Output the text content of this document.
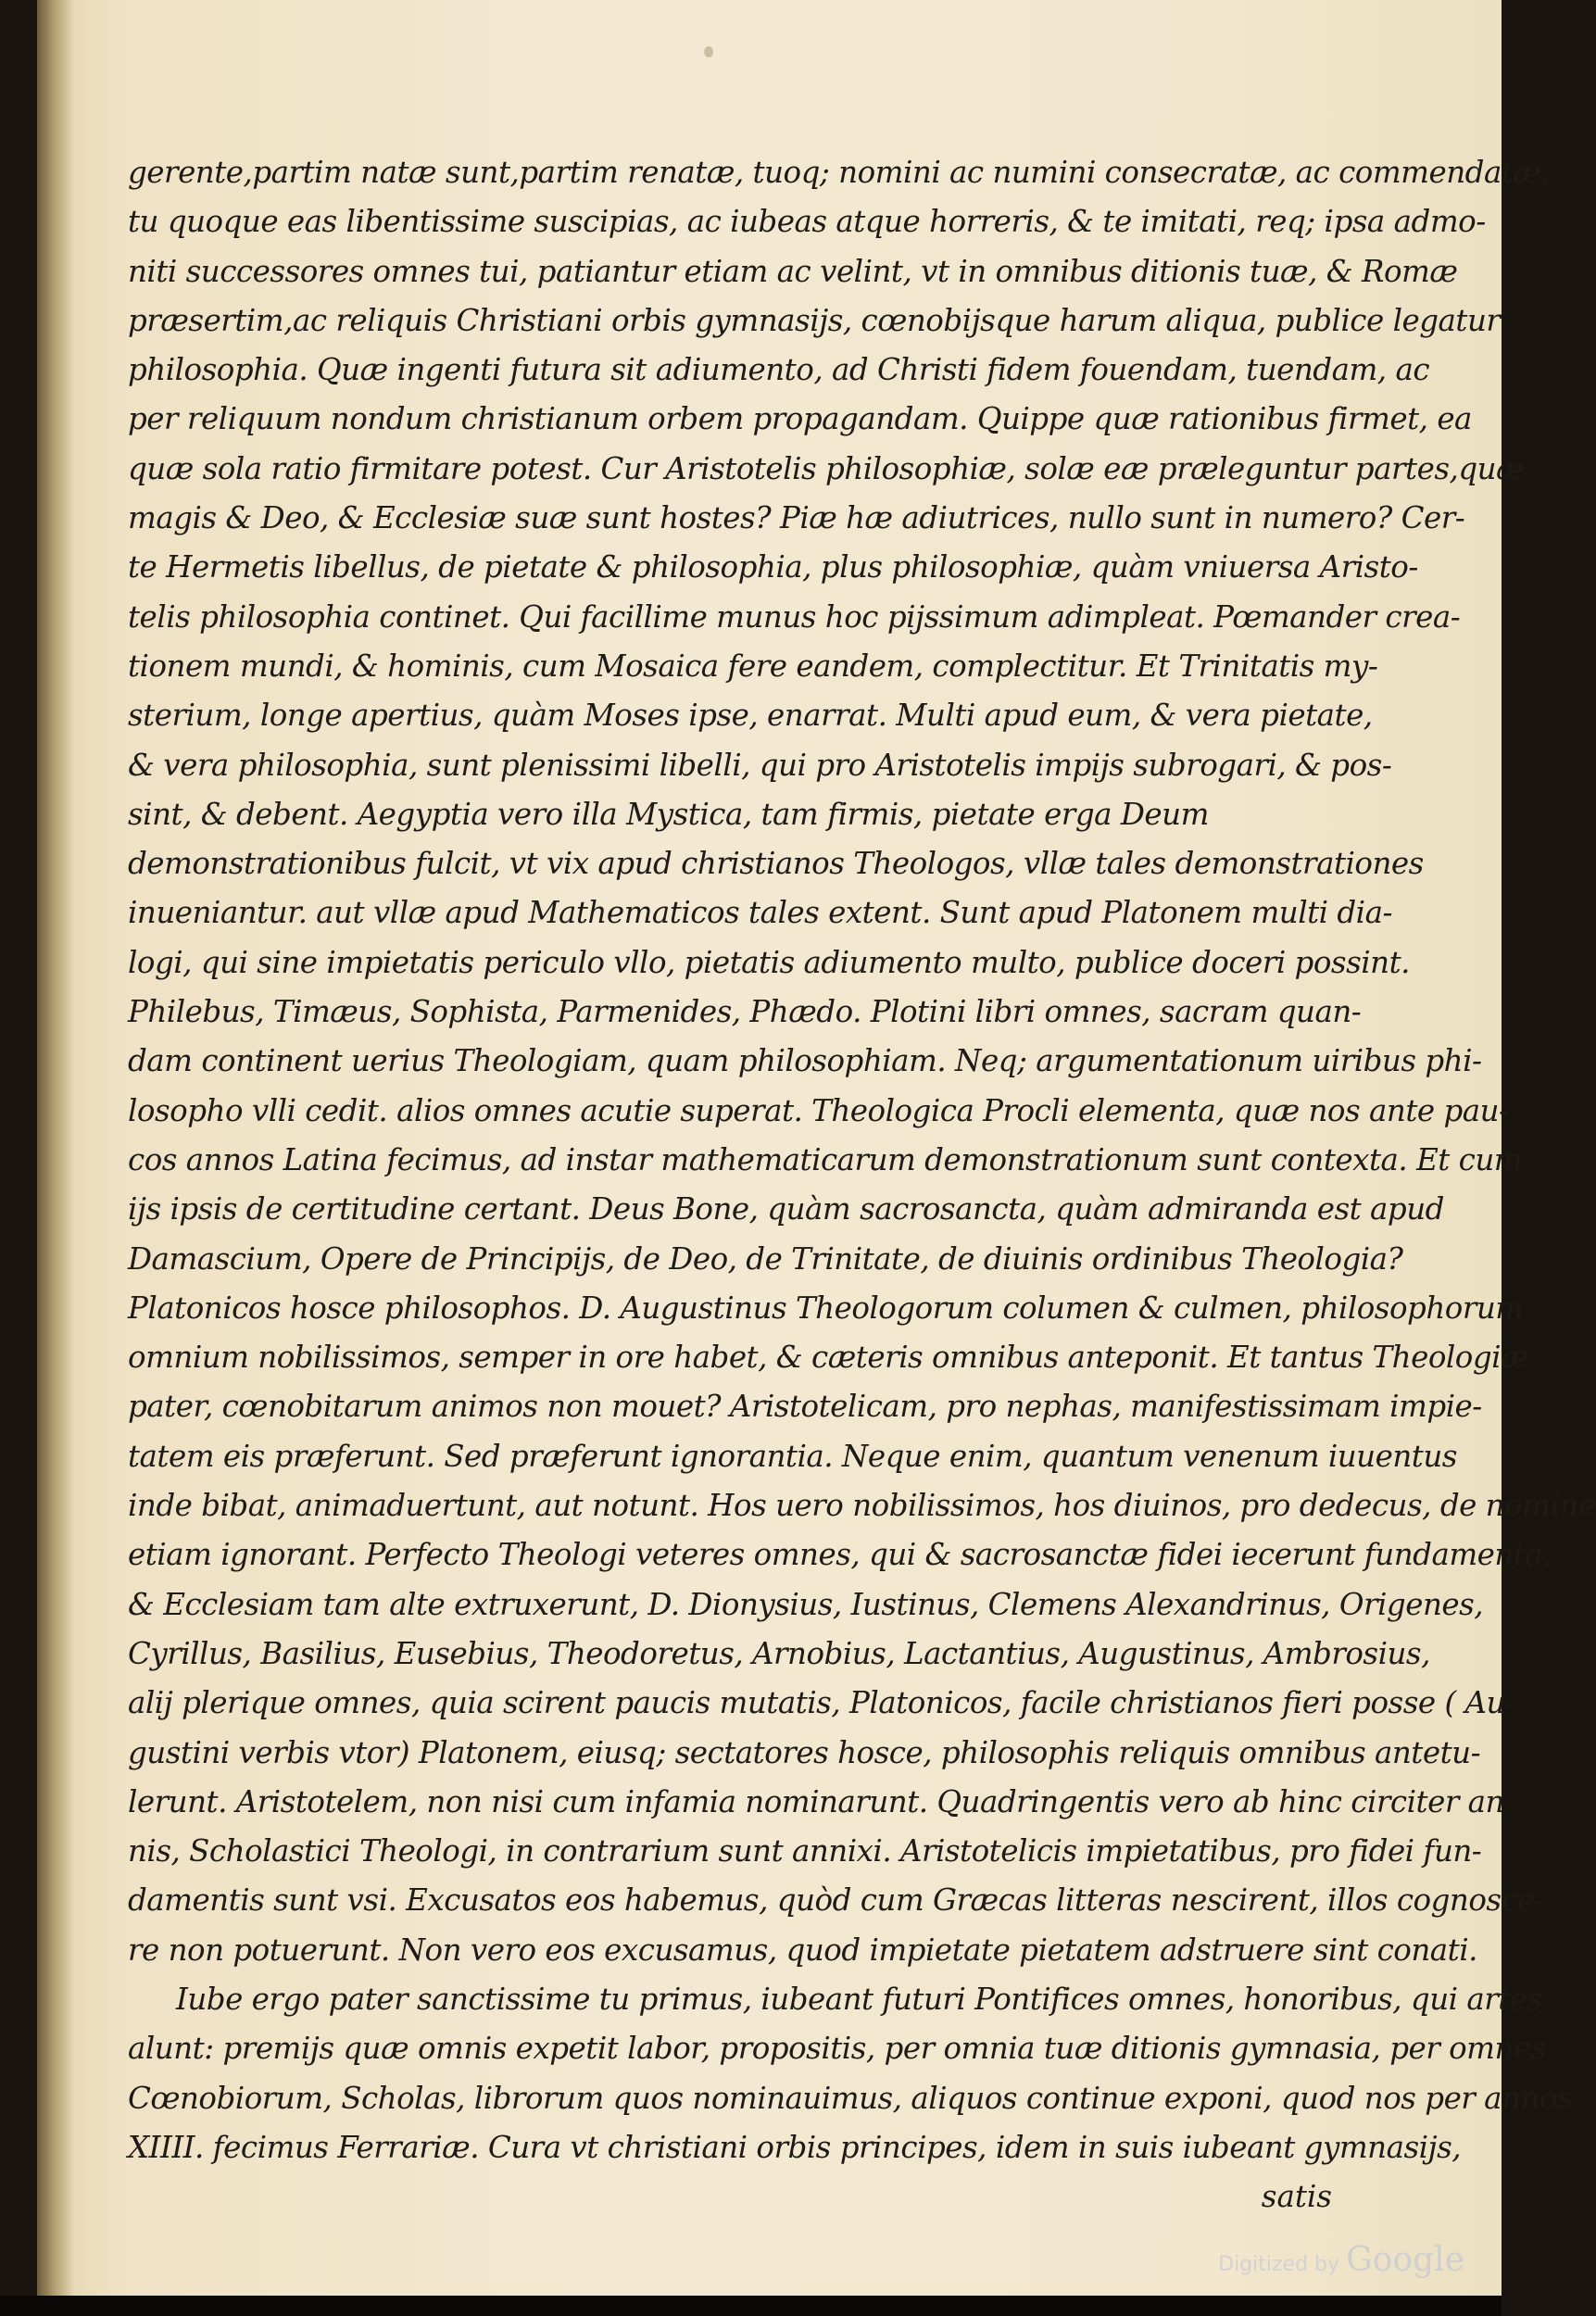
gerente,partim natæ sunt,partim renatæ, tuoq; nomini ac numini consecratæ, ac commendatæ,
tu quoque eas libentissime suscipias, ac iubeas atque horreris, & te imitati, req; ipsa admo-
niti successores omnes tui, patiantur etiam ac velint, vt in omnibus ditionis tuæ, & Romæ
præsertim,ac reliquis Christiani orbis gymnasijs, cœnobijsque harum aliqua, publice legatur
philosophia. Quæ ingenti futura sit adiumento, ad Christi fidem fouendam, tuendam, ac
per reliquum nondum christianum orbem propagandam. Quippe quæ rationibus firmet, ea
quæ sola ratio firmitare potest. Cur Aristotelis philosophiæ, solæ eæ præleguntur partes,quæ
magis & Deo, & Ecclesiæ suæ sunt hostes? Piæ hæ adiutrices, nullo sunt in numero? Cer-
te Hermetis libellus, de pietate & philosophia, plus philosophiæ, quàm vniuersa Aristo-
telis philosophia continet. Qui facillime munus hoc pijssimum adimpleat. Pœmander crea-
tionem mundi, & hominis, cum Mosaica fere eandem, complectitur. Et Trinitatis my-
sterium, longe apertius, quàm Moses ipse, enarrat. Multi apud eum, & vera pietate,
& vera philosophia, sunt plenissimi libelli, qui pro Aristotelis impijs subrogari, & pos-
sint, & debent. Aegyptia vero illa Mystica, tam firmis, pietate erga Deum
demonstrationibus fulcit, vt vix apud christianos Theologos, vllæ tales demonstrationes
inueniantur. aut vllæ apud Mathematicos tales extent. Sunt apud Platonem multi dia-
logi, qui sine impietatis periculo vllo, pietatis adiumento multo, publice doceri possint.
Philebus, Timæus, Sophista, Parmenides, Phædo. Plotini libri omnes, sacram quan-
dam continent uerius Theologiam, quam philosophiam. Neq; argumentationum uiribus phi-
losopho vlli cedit. alios omnes acutie superat. Theologica Procli elementa, quæ nos ante pau-
cos annos Latina fecimus, ad instar mathematicarum demonstrationum sunt contexta. Et cum
ijs ipsis de certitudine certant. Deus Bone, quàm sacrosancta, quàm admiranda est apud
Damascium, Opere de Principijs, de Deo, de Trinitate, de diuinis ordinibus Theologia?
Platonicos hosce philosophos. D. Augustinus Theologorum columen & culmen, philosophorum
omnium nobilissimos, semper in ore habet, & cæteris omnibus anteponit. Et tantus Theologiæ
pater, cœnobitarum animos non mouet? Aristotelicam, pro nephas, manifestissimam impie-
tatem eis præferunt. Sed præferunt ignorantia. Neque enim, quantum venenum iuuentus
inde bibat, animaduertunt, aut notunt. Hos uero nobilissimos, hos diuinos, pro dedecus, de nomine
etiam ignorant. Perfecto Theologi veteres omnes, qui & sacrosanctæ fidei iecerunt fundamenta,
& Ecclesiam tam alte extruxerunt, D. Dionysius, Iustinus, Clemens Alexandrinus, Origenes,
Cyrillus, Basilius, Eusebius, Theodoretus, Arnobius, Lactantius, Augustinus, Ambrosius,
alij plerique omnes, quia scirent paucis mutatis, Platonicos, facile christianos fieri posse ( Au-
gustini verbis vtor) Platonem, eiusq; sectatores hosce, philosophis reliquis omnibus antetu-
lerunt. Aristotelem, non nisi cum infamia nominarunt. Quadringentis vero ab hinc circiter an
nis, Scholastici Theologi, in contrarium sunt annixi. Aristotelicis impietatibus, pro fidei fun-
damentis sunt vsi. Excusatos eos habemus, quòd cum Græcas litteras nescirent, illos cognosce-
re non potuerunt. Non vero eos excusamus, quod impietate pietatem adstruere sint conati.
Iube ergo pater sanctissime tu primus, iubeant futuri Pontifices omnes, honoribus, qui artes
alunt: premijs quæ omnis expetit labor, propositis, per omnia tuæ ditionis gymnasia, per omnes
Cœnobiorum, Scholas, librorum quos nominauimus, aliquos continue exponi, quod nos per annos
XIIII. fecimus Ferrariæ. Cura vt christiani orbis principes, idem in suis iubeant gymnasijs,
satis
Digitized by Google
